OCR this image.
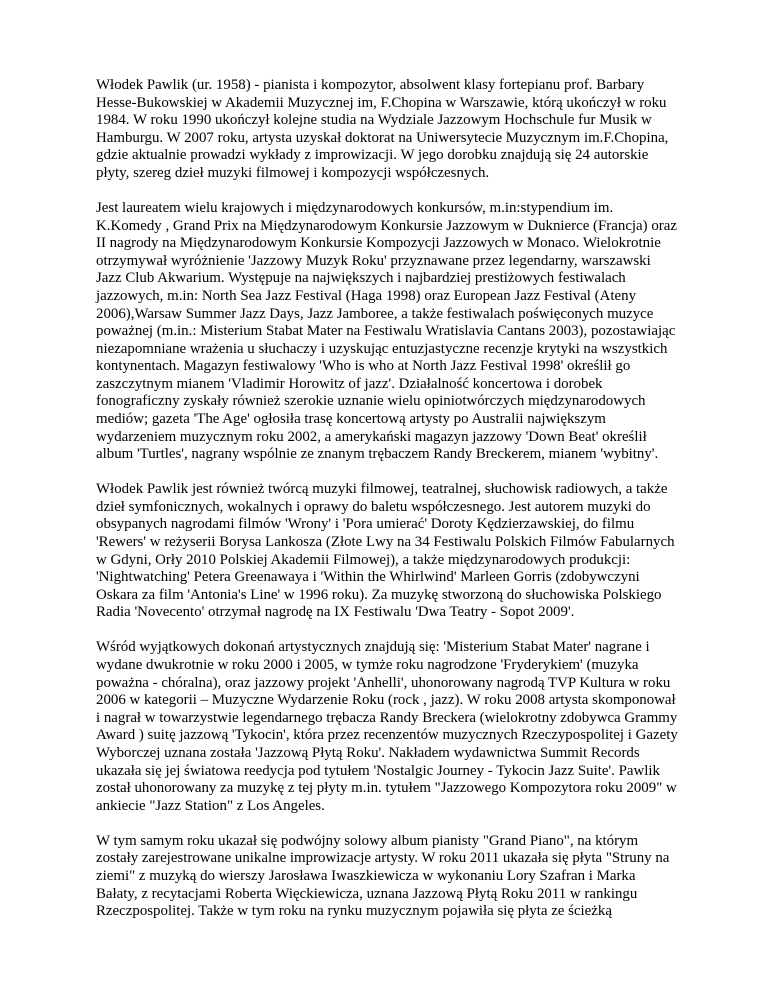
Włodek Pawlik (ur. 1958) - pianista i kompozytor, absolwent klasy fortepianu prof. Barbary Hesse-Bukowskiej w Akademii Muzycznej im, F.Chopina w Warszawie, którą ukończył w roku 1984. W roku 1990 ukończył kolejne studia na Wydziale Jazzowym Hochschule fur Musik w Hamburgu. W 2007 roku, artysta uzyskał doktorat na Uniwersytecie Muzycznym im.F.Chopina, gdzie aktualnie prowadzi wykłady z improwizacji. W jego dorobku znajdują się 24 autorskie płyty, szereg dzieł muzyki filmowej i kompozycji współczesnych.

Jest laureatem wielu krajowych i międzynarodowych konkursów, m.in:stypendium im. K.Komedy , Grand Prix na Międzynarodowym Konkursie Jazzowym w Duknierce (Francja) oraz II nagrody na Międzynarodowym Konkursie Kompozycji Jazzowych w Monaco. Wielokrotnie otrzymywał wyróżnienie 'Jazzowy Muzyk Roku' przyznawane przez legendarny, warszawski Jazz Club Akwarium. Występuje na największych i najbardziej prestiżowych festiwalach jazzowych, m.in: North Sea Jazz Festival (Haga 1998) oraz European Jazz Festival (Ateny 2006),Warsaw Summer Jazz Days, Jazz Jamboree, a także festiwalach poświęconych muzyce poważnej (m.in.: Misterium Stabat Mater na Festiwalu Wratislavia Cantans 2003), pozostawiając niezapomniane wrażenia u słuchaczy i uzyskując entuzjastyczne recenzje krytyki na wszystkich kontynentach. Magazyn festiwalowy 'Who is who at North Jazz Festival 1998' określił go zaszczytnym mianem 'Vladimir Horowitz of jazz'. Działalność koncertowa i dorobek fonograficzny zyskały również szerokie uznanie wielu opiniotwórczych międzynarodowych mediów; gazeta 'The Age' ogłosiła trasę koncertową artysty po Australii największym wydarzeniem muzycznym roku 2002, a amerykański magazyn jazzowy 'Down Beat' określił album 'Turtles', nagrany wspólnie ze znanym trębaczem Randy Breckerem, mianem 'wybitny'.

Włodek Pawlik jest również twórcą muzyki filmowej, teatralnej, słuchowisk radiowych, a także dzieł symfonicznych, wokalnych i oprawy do baletu współczesnego. Jest autorem muzyki do obsypanych nagrodami filmów 'Wrony' i 'Pora umierać' Doroty Kędzierzawskiej, do filmu 'Rewers' w reżyserii Borysa Lankosza (Złote Lwy na 34 Festiwalu Polskich Filmów Fabularnych w Gdyni, Orły 2010 Polskiej Akademii Filmowej), a także międzynarodowych produkcji: 'Nightwatching' Petera Greenawaya i 'Within the Whirlwind' Marleen Gorris (zdobywczyni Oskara za film 'Antonia's Line' w 1996 roku). Za muzykę stworzoną do słuchowiska Polskiego Radia 'Novecento' otrzymał nagrodę na IX Festiwalu 'Dwa Teatry - Sopot 2009'.

Wśród wyjątkowych dokonań artystycznych znajdują się: 'Misterium Stabat Mater' nagrane i wydane dwukrotnie w roku 2000 i 2005, w tymże roku nagrodzone 'Fryderykiem' (muzyka poważna - chóralna), oraz jazzowy projekt 'Anhelli', uhonorowany nagrodą TVP Kultura w roku 2006 w kategorii – Muzyczne Wydarzenie Roku (rock , jazz). W roku 2008 artysta skomponował i nagrał w towarzystwie legendarnego trębacza Randy Breckera (wielokrotny zdobywca Grammy Award ) suitę jazzową 'Tykocin', która przez recenzentów muzycznych Rzeczypospolitej i Gazety Wyborczej uznana została 'Jazzową Płytą Roku'. Nakładem wydawnictwa Summit Records ukazała się jej światowa reedycja pod tytułem 'Nostalgic Journey - Tykocin Jazz Suite'. Pawlik został uhonorowany za muzykę z tej płyty m.in. tytułem "Jazzowego Kompozytora roku 2009" w ankiecie "Jazz Station" z Los Angeles.

W tym samym roku ukazał się podwójny solowy album pianisty "Grand Piano", na którym zostały zarejestrowane unikalne improwizacje artysty. W roku 2011 ukazała się płyta "Struny na ziemi" z muzyką do wierszy Jarosława Iwaszkiewicza w wykonaniu Lory Szafran i Marka Bałaty, z recytacjami Roberta Więckiewicza, uznana Jazzową Płytą Roku 2011 w rankingu Rzeczpospolitej. Także w tym roku na rynku muzycznym pojawiła się płyta ze ścieżką
